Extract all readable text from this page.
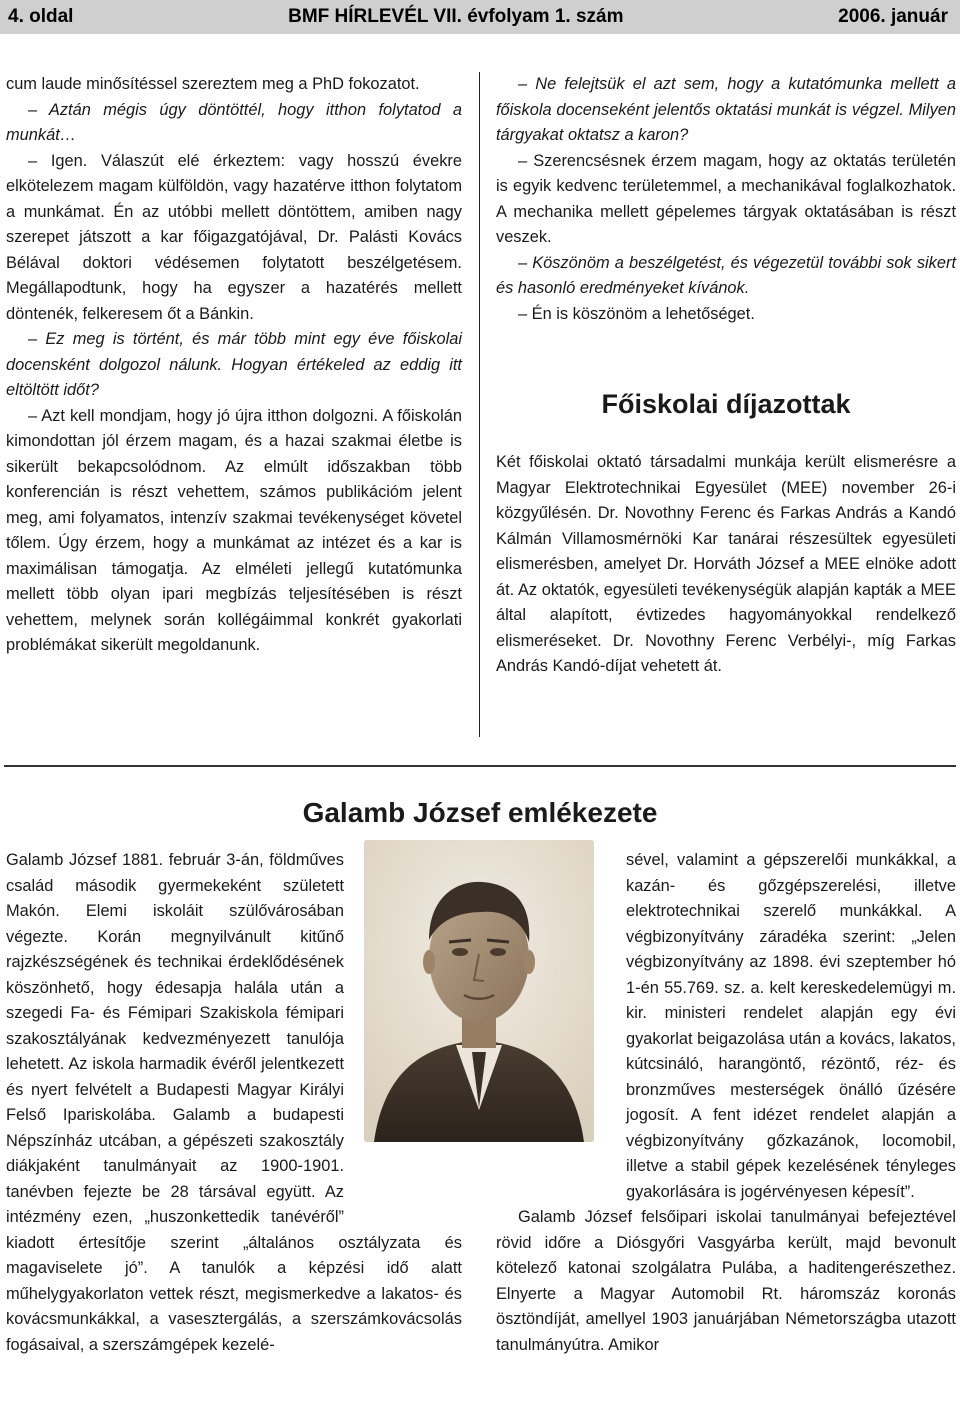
4. oldal	BMF HÍRLEVÉL VII. évfolyam 1. szám	2006. január

cum laude minősítéssel szereztem meg a PhD fokozatot.

– Aztán mégis úgy döntöttél, hogy itthon folytatod a munkát…

– Igen. Válaszút elé érkeztem: vagy hosszú évekre elkötelezem magam külföldön, vagy hazatérve itthon folytatom a munkámat. Én az utóbbi mellett döntöttem, amiben nagy szerepet játszott a kar főigazgatójával, Dr. Palásti Kovács Bélával doktori védésemen folytatott beszélgetésem. Megállapodtunk, hogy ha egyszer a hazatérés mellett döntenék, felkeresem őt a Bánkin.

– Ez meg is történt, és már több mint egy éve főiskolai docensként dolgozol nálunk. Hogyan értékeled az eddig itt eltöltött időt?

– Azt kell mondjam, hogy jó újra itthon dolgozni. A főiskolán kimondottan jól érzem magam, és a hazai szakmai életbe is sikerült bekapcsolódnom. Az elmúlt időszakban több konferencián is részt vehettem, számos publikációm jelent meg, ami folyamatos, intenzív szakmai tevékenységet követel tőlem. Úgy érzem, hogy a munkámat az intézet és a kar is maximálisan támogatja. Az elméleti jellegű kutatómunka mellett több olyan ipari megbízás teljesítésében is részt vehettem, melynek során kollégáimmal konkrét gyakorlati problémákat sikerült megoldanunk.

– Ne felejtsük el azt sem, hogy a kutatómunka mellett a főiskola docenseként jelentős oktatási munkát is végzel. Milyen tárgyakat oktatsz a karon?

– Szerencsésnek érzem magam, hogy az oktatás területén is egyik kedvenc területemmel, a mechanikával foglalkozhatok. A mechanika mellett gépelemes tárgyak oktatásában is részt veszek.

– Köszönöm a beszélgetést, és végezetül további sok sikert és hasonló eredményeket kívánok.

– Én is köszönöm a lehetőséget.

Főiskolai díjazottak

Két főiskolai oktató társadalmi munkája került elismerésre a Magyar Elektrotechnikai Egyesület (MEE) november 26-i közgyűlésén. Dr. Novothny Ferenc és Farkas András a Kandó Kálmán Villamosmérnöki Kar tanárai részesültek egyesületi elismerésben, amelyet Dr. Horváth József a MEE elnöke adott át. Az oktatók, egyesületi tevékenységük alapján kapták a MEE által alapított, évtizedes hagyományokkal rendelkező elismeréseket. Dr. Novothny Ferenc Verbélyi-, míg Farkas András Kandó-díjat vehetett át.

Galamb József emlékezete

Galamb József 1881. február 3-án, földműves család második gyermekeként született Makón. Elemi iskoláit szülővárosában végezte. Korán megnyilvánult kitűnő rajzkészségének és technikai érdeklődésének köszönhető, hogy édesapja halála után a szegedi Fa- és Fémipari Szakiskola fémipari szakosztályának kedvezményezett tanulója lehetett. Az iskola harmadik évéről jelentkezett és nyert felvételt a Budapesti Magyar Királyi Felső Ipariskolába. Galamb a budapesti Népszínház utcában, a gépészeti szakosztály diákjaként tanulmányait az 1900-1901. tanévben fejezte be 28 társával együtt. Az intézmény ezen, „huszonkettedik tanévéről” kiadott értesítője szerint „általános osztályzata és magaviselete jó”. A tanulók a képzési idő alatt műhelygyakorlaton vettek részt, megismerkedve a lakatos- és kovácsmunkákkal, a vasesztergálás, a szerszámkovácsolás fogásaival, a szerszámgépek kezelé-

sével, valamint a gépszerelői munkákkal, a kazán- és gőzgépszerelési, illetve elektrotechnikai szerelő munkákkal. A végbizonyítvány záradéka szerint: „Jelen végbizonyítvány az 1898. évi szeptember hó 1-én 55.769. sz. a. kelt kereskedelemügyi m. kir. ministeri rendelet alapján egy évi gyakorlat beigazolása után a kovács, lakatos, kútcsináló, harangöntő, rézöntő, réz- és bronzműves mesterségek önálló űzésére jogosít. A fent idézet rendelet alapján a végbizonyítvány gőzkazánok, locomobil, illetve a stabil gépek kezelésének tényleges gyakorlására is jogérvényesen képesít”.

Galamb József felsőipari iskolai tanulmányai befejeztével rövid időre a Diósgyőri Vasgyárba került, majd bevonult kötelező katonai szolgálatra Pulába, a haditengerészethez. Elnyerte a Magyar Automobil Rt. háromszáz koronás ösztöndíját, amellyel 1903 januárjában Németországba utazott tanulmányútra. Amikor
